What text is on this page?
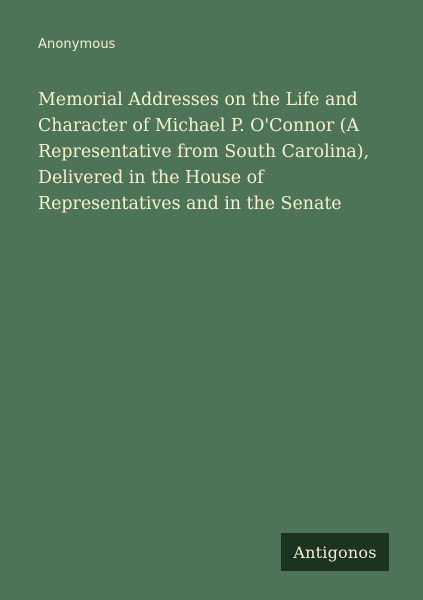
Anonymous
Memorial Addresses on the Life and Character of Michael P. O'Connor (A Representative from South Carolina), Delivered in the House of Representatives and in the Senate
Antigonos
